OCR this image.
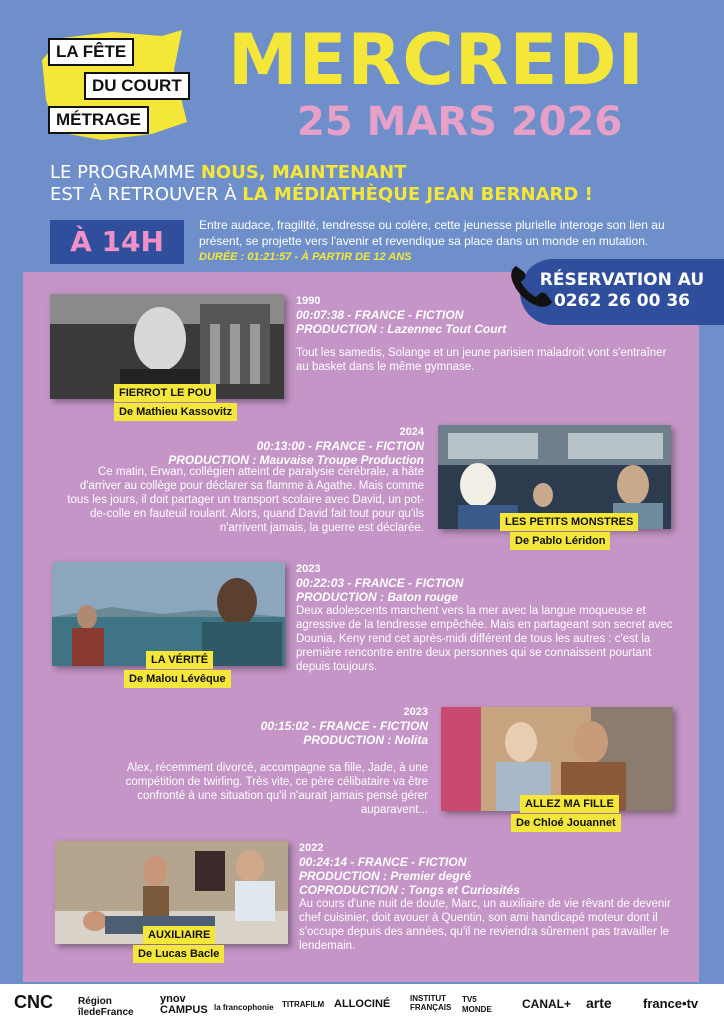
LA FÊTE
DU COURT
MÉTRAGE
MERCREDI
25 MARS 2026
LE PROGRAMME NOUS, MAINTENANT
EST À RETROUVER À LA MÉDIATHÈQUE JEAN BERNARD !
À 14H	Entre audace, fragilité, tendresse ou colère, cette jeunesse plurielle interoge son lien au présent, se projette vers l'avenir et revendique sa place dans un monde en mutation.
DURÉE : 01:21:57 - À PARTIR DE 12 ANS
RÉSERVATION AU
0262 26 00 36
FIERROT LE POU
De Mathieu Kassovitz
1990
00:07:38 - FRANCE - FICTION
PRODUCTION : Lazennec Tout Court
Tout les samedis, Solange et un jeune parisien maladroit vont s'entraîner au basket dans le même gymnase.
LES PETITS MONSTRES
De Pablo Léridon
2024
00:13:00 - FRANCE - FICTION
PRODUCTION : Mauvaise Troupe Production
Ce matin, Erwan, collégien atteint de paralysie cérébrale, a hâte d'arriver au collège pour déclarer sa flamme à Agathe. Mais comme tous les jours, il doit partager un transport scolaire avec David, un pot-de-colle en fauteuil roulant. Alors, quand David fait tout pour qu'ils n'arrivent jamais, la guerre est déclarée.
LA VÉRITÉ
De Malou Lévêque
2023
00:22:03 - FRANCE - FICTION
PRODUCTION : Baton rouge
Deux adolescents marchent vers la mer avec la langue moqueuse et agressive de la tendresse empêchée. Mais en partageant son secret avec Dounia, Keny rend cet après-midi différent de tous les autres : c'est la première rencontre entre deux personnes qui se connaissent pourtant depuis toujours.
ALLEZ MA FILLE
De Chloé Jouannet
2023
00:15:02 - FRANCE - FICTION
PRODUCTION : Nolita
Alex, récemment divorcé, accompagne sa fille, Jade, à une compétition de twirling. Très vite, ce père célibataire va être confronté à une situation qu'il n'aurait jamais pensé gérer auparavent...
AUXILIAIRE
De Lucas Bacle
2022
00:24:14 - FRANCE - FICTION
PRODUCTION : Premier degré
COPRODUCTION : Tongs et Curiosités
Au cours d'une nuit de doute, Marc, un auxiliaire de vie rêvant de devenir chef cuisinier, doit avouer à Quentin, son ami handicapé moteur dont il s'occupe depuis des années, qu'il ne reviendra sûrement pas travailler le lendemain.
CNC	Région îledeFrance
ynov CAMPUS la francophonie TITRAFILM ALLOCINÉ INSTITUT FRANÇAIS
TV5 MONDE	CANAL+ arte france•tv
